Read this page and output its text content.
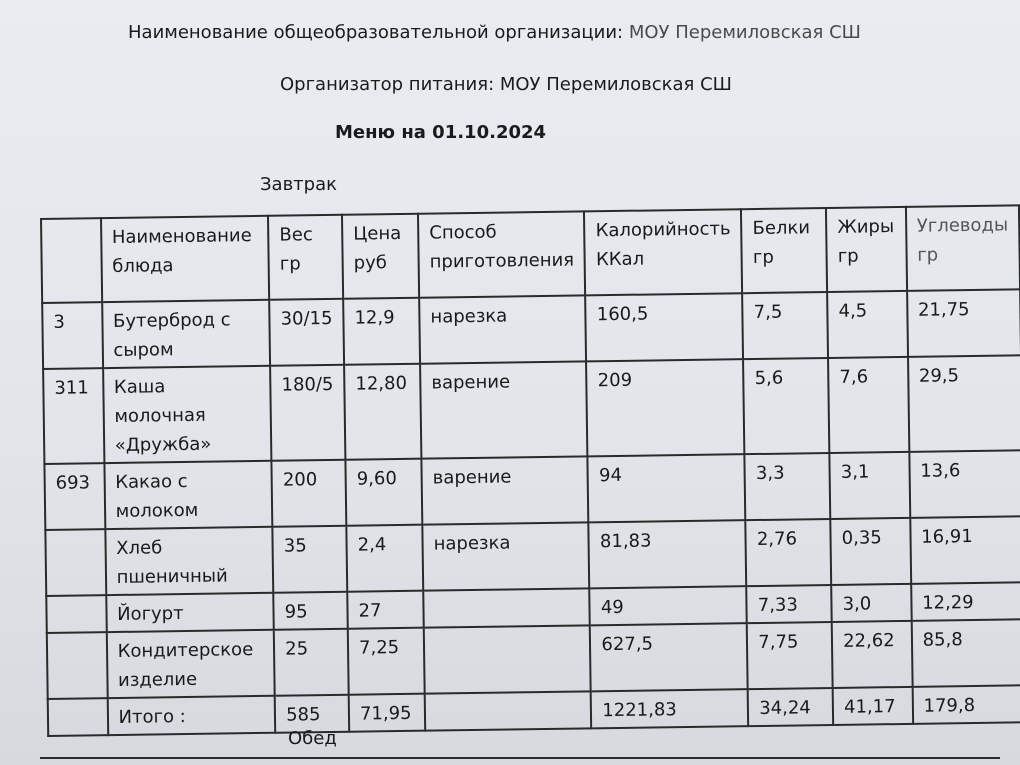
Наименование общеобразовательной организации: МОУ Перемиловская СШ
Организатор питания: МОУ Перемиловская СШ
Меню на 01.10.2024
Завтрак
	Наименование блюда	Вес гр	Цена руб	Способ приготовления	Калорийность ККал	Белки гр	Жиры гр	Углеводы гр
3	Бутерброд с сыром	30/15	12,9	нарезка	160,5	7,5	4,5	21,75
311	Каша молочная «Дружба»	180/5	12,80	варение	209	5,6	7,6	29,5
693	Какао с молоком	200	9,60	варение	94	3,3	3,1	13,6
	Хлеб пшеничный	35	2,4	нарезка	81,83	2,76	0,35	16,91
	Йогурт	95	27		49	7,33	3,0	12,29
	Кондитерское изделие	25	7,25		627,5	7,75	22,62	85,8
	Итого :	585	71,95		1221,83	34,24	41,17	179,8
Обед
